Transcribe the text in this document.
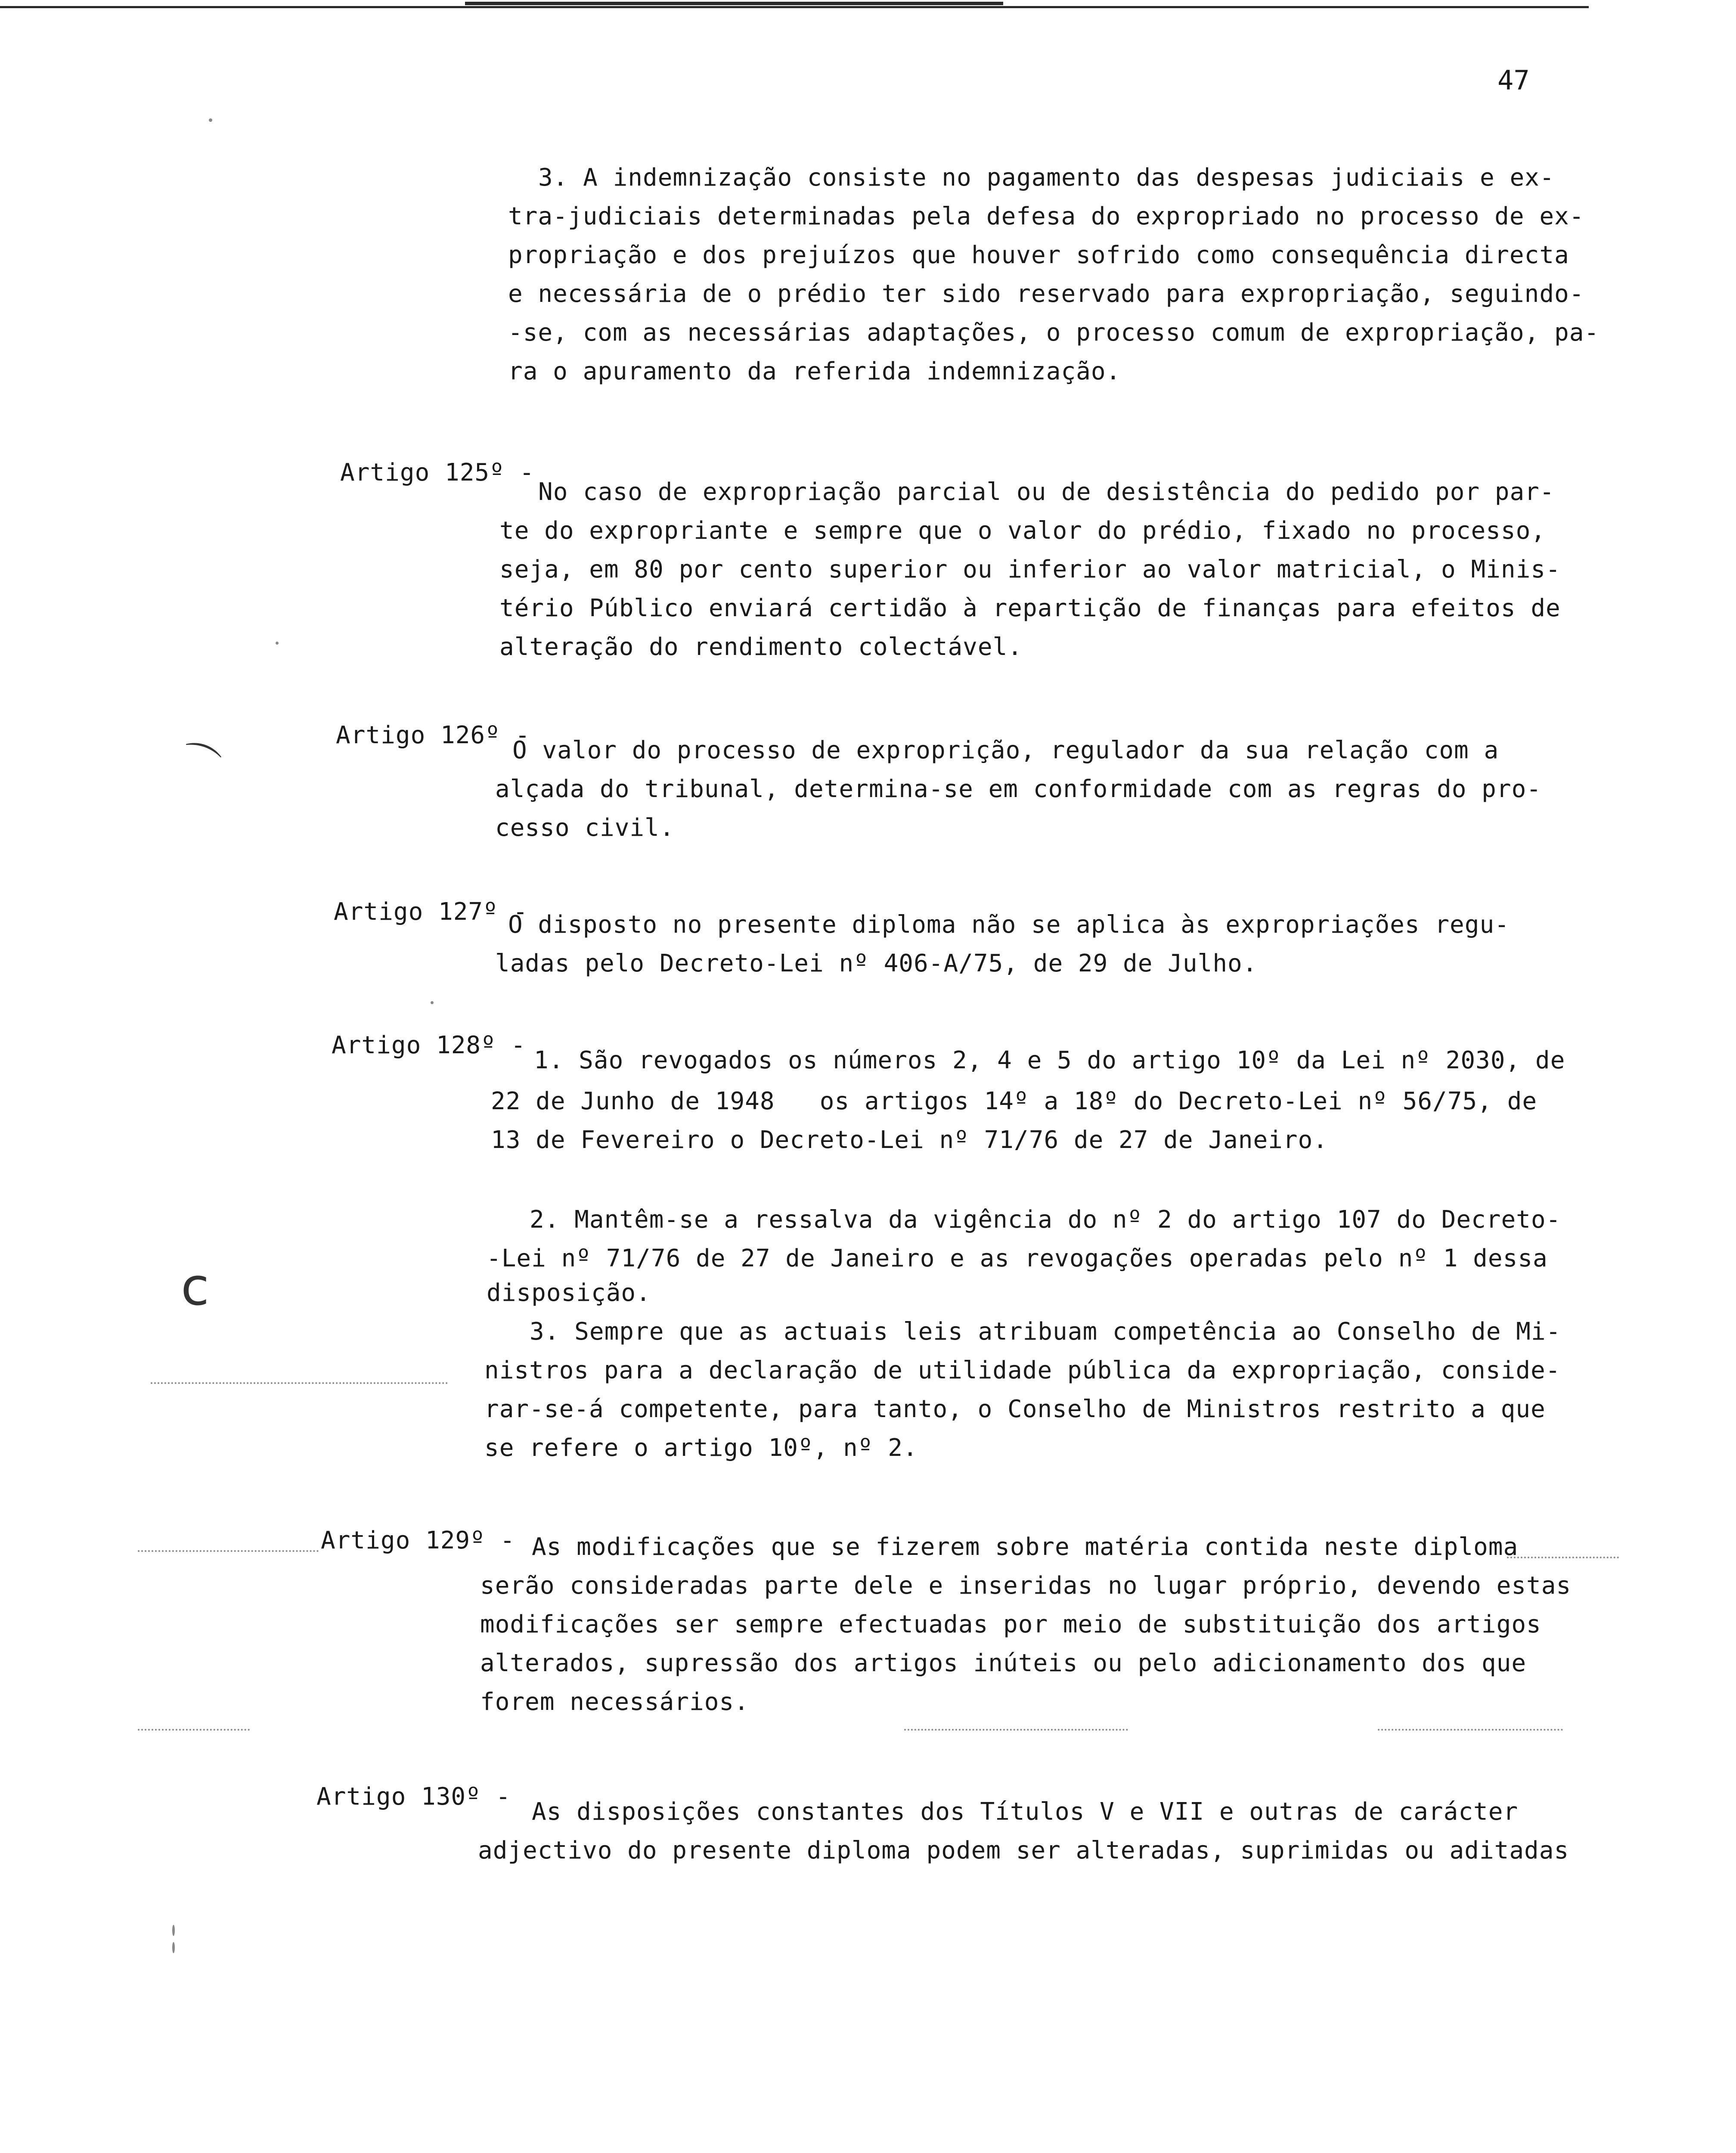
47
3. A indemnização consiste no pagamento das despesas judiciais e ex-
tra-judiciais determinadas pela defesa do expropriado no processo de ex-
propriação e dos prejuízos que houver sofrido como consequência directa
e necessária de o prédio ter sido reservado para expropriação, seguindo-
-se, com as necessárias adaptações, o processo comum de expropriação, pa-
ra o apuramento da referida indemnização.
Artigo 125º -
No caso de expropriação parcial ou de desistência do pedido por par-
te do expropriante e sempre que o valor do prédio, fixado no processo,
seja, em 80 por cento superior ou inferior ao valor matricial, o Minis-
tério Público enviará certidão à repartição de finanças para efeitos de
alteração do rendimento colectável.
Artigo 126º -
O valor do processo de exproprição, regulador da sua relação com a
alçada do tribunal, determina-se em conformidade com as regras do pro-
cesso civil.
Artigo 127º -
O disposto no presente diploma não se aplica às expropriações regu-
ladas pelo Decreto-Lei nº 406-A/75, de 29 de Julho.
Artigo 128º -
1. São revogados os números 2, 4 e 5 do artigo 10º da Lei nº 2030, de
22 de Junho de 1948   os artigos 14º a 18º do Decreto-Lei nº 56/75, de
13 de Fevereiro o Decreto-Lei nº 71/76 de 27 de Janeiro.
2. Mantêm-se a ressalva da vigência do nº 2 do artigo 107 do Decreto-
-Lei nº 71/76 de 27 de Janeiro e as revogações operadas pelo nº 1 dessa
disposição.
3. Sempre que as actuais leis atribuam competência ao Conselho de Mi-
nistros para a declaração de utilidade pública da expropriação, conside-
rar-se-á competente, para tanto, o Conselho de Ministros restrito a que
se refere o artigo 10º, nº 2.
Artigo 129º - As modificações que se fizerem sobre matéria contida neste diploma
serão consideradas parte dele e inseridas no lugar próprio, devendo estas
modificações ser sempre efectuadas por meio de substituição dos artigos
alterados, supressão dos artigos inúteis ou pelo adicionamento dos que
forem necessários.
Artigo 130º -
As disposições constantes dos Títulos V e VII e outras de carácter
adjectivo do presente diploma podem ser alteradas, suprimidas ou aditadas
⌒
ᴄ
